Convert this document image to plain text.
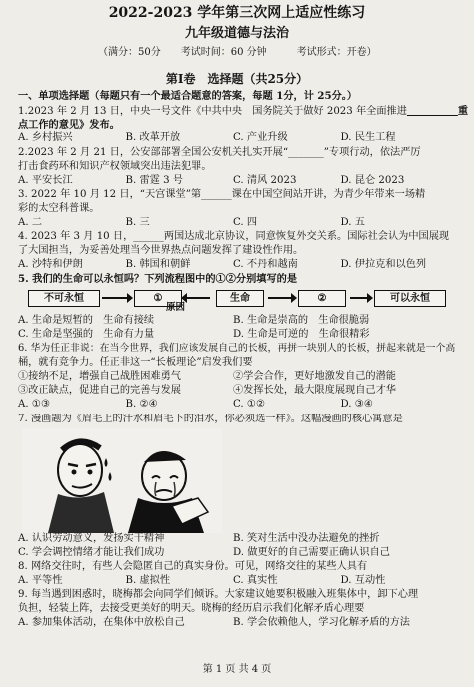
2022-2023 学年第三次网上适应性练习
九年级道德与法治
（满分：50分　　考试时间：60 分钟　　　考试形式：开卷）
第Ⅰ卷　选择题（共25分）
一、单项选择题（每题只有一个最适合题意的答案，每题 1分，计 25分。）
1.2023 年 2 月 13 日，中央一号文件《中共中央　国务院关于做好 2023 年全面推进　　　　　	重
点工作的意见》发布。
A. 乡村振兴	B. 改革开放	C. 产业升级	D. 民生工程
2.2023 年 2 月 21 日，公安部部署全国公安机关扎实开展“_______”专项行动，依法严厉
打击食药环和知识产权领域突出违法犯罪。
A. 平安长江	B. 雷霆 3 号	C. 清风 2023	D. 昆仑 2023
3. 2022 年 10 月 12 日，“天宫课堂”第______课在中国空间站开讲，为青少年带来一场精
彩的太空科普课。
A. 二	B. 三	C. 四	D. 五
4. 2023 年 3 月 10 日，______两国达成北京协议，同意恢复外交关系。国际社会认为中国展现
了大国担当，为妥善处理当今世界热点问题发挥了建设性作用。
A. 沙特和伊朗	B. 韩国和朝鲜	C. 不丹和越南	D. 伊拉克和以色列
5. 我们的生命可以永恒吗？下列流程图中的①②分别填写的是
不可永恒	①	生命	②	可以永恒
原因
A. 生命是短暂的　生命有接续	B. 生命是崇高的　生命很脆弱
C. 生命是坚强的　生命有力量	D. 生命是可逆的　生命很精彩
6. 华为任正非说：在当今世界，我们应该发展自己的长板，再拼一块别人的长板，拼起来就是一个高
桶，就有竞争力。任正非这一“长板理论”启发我们要
①接纳不足，增强自己战胜困难勇气	②学会合作，更好地激发自己的潜能
③改正缺点，促进自己的完善与发展	④发挥长处，最大限度展现自己才华
A. ①③	B. ②④	C. ①②	D. ③④
7. 漫画题为《眉毛上的汗水和眉毛下的泪水，你必须选一样》。这幅漫画的核心寓意是
A. 认识劳动意义，发扬实干精神	B. 笑对生活中没办法避免的挫折
C. 学会调控情绪才能让我们成功	D. 做更好的自己需要正确认识自己
8. 网络交往时，有些人会隐匿自己的真实身份。可见，网络交往的某些人具有
A. 平等性	B. 虚拟性	C. 真实性	D. 互动性
9. 每当遇到困惑时，晓梅都会向同学们倾诉。大家建议她要积极融入班集体中，卸下心理
负担，轻装上阵，去接受更美好的明天。晓梅的经历启示我们化解矛盾心理要
A. 参加集体活动，在集体中放松自己	B. 学会依赖他人，学习化解矛盾的方法
第 1 页 共 4 页
